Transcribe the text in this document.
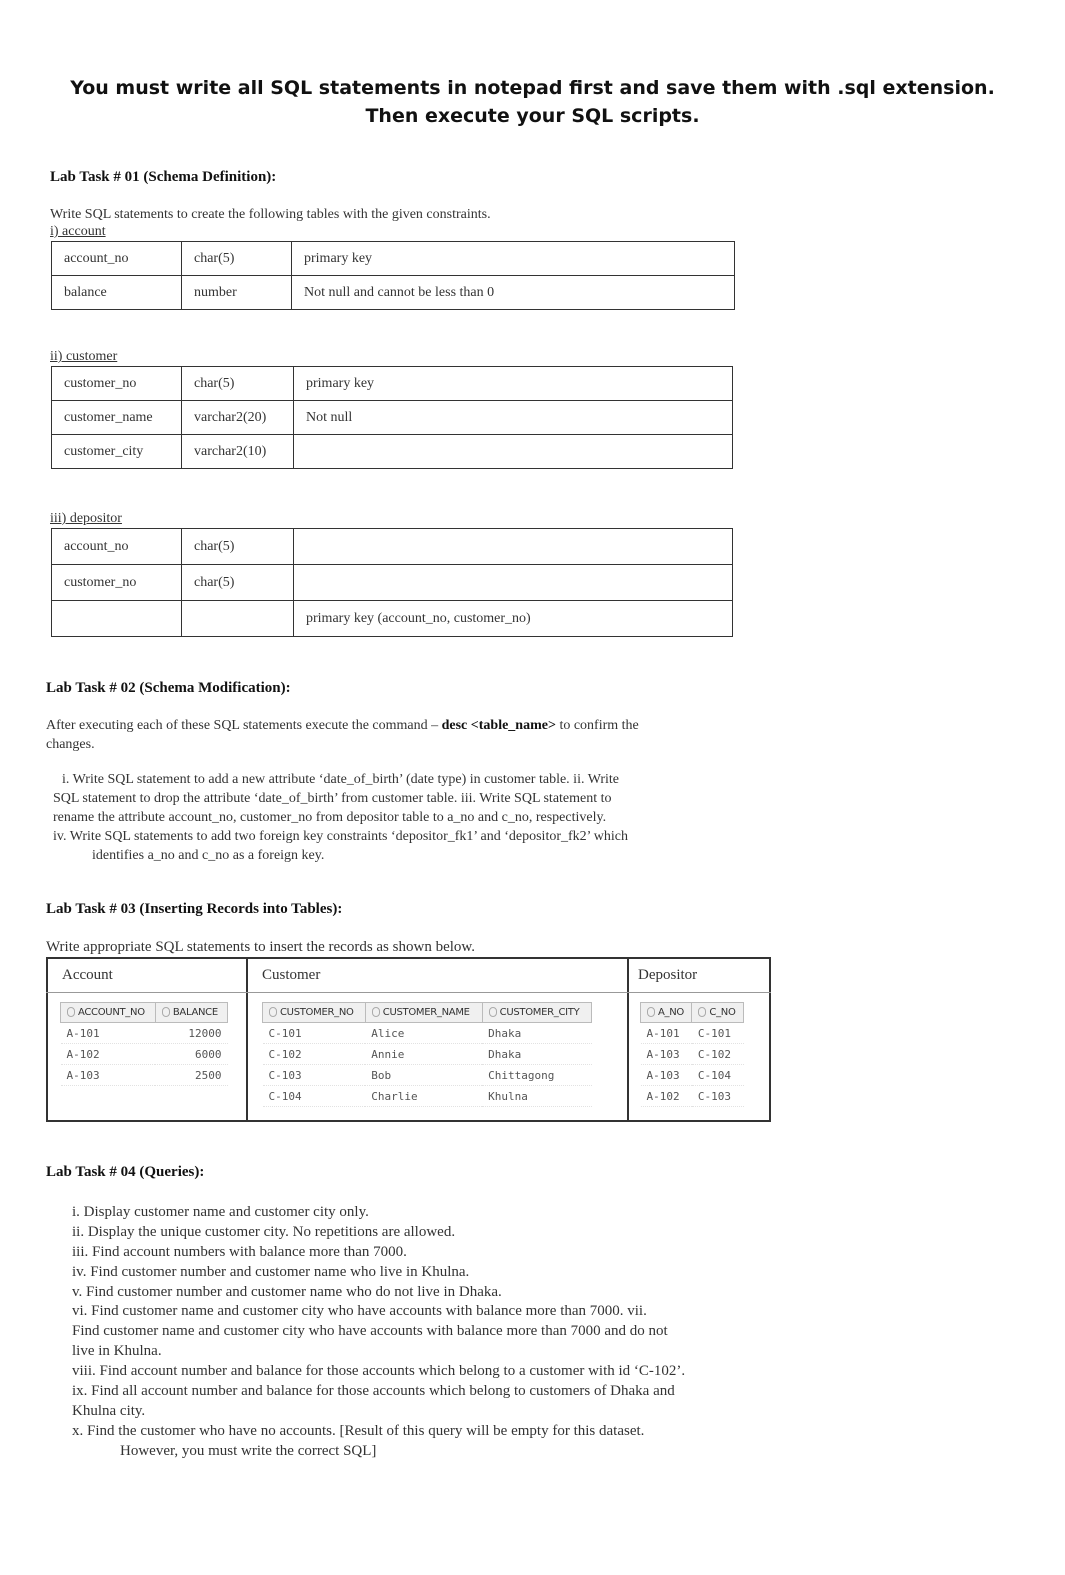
You must write all SQL statements in notepad first and save them with .sql extension.
Then execute your SQL scripts.
Lab Task # 01 (Schema Definition):
Write SQL statements to create the following tables with the given constraints.
i) account
account_no	char(5)	primary key
balance	number	Not null and cannot be less than 0
ii) customer
customer_no	char(5)	primary key
customer_name	varchar2(20)	Not null
customer_city	varchar2(10)	
iii) depositor
account_no	char(5)	
customer_no	char(5)	
		primary key (account_no, customer_no)
Lab Task # 02 (Schema Modification):
After executing each of these SQL statements execute the command – desc <table_name> to confirm the
changes.
i. Write SQL statement to add a new attribute ‘date_of_birth’ (date type) in customer table. ii. Write
SQL statement to drop the attribute ‘date_of_birth’ from customer table. iii. Write SQL statement to
rename the attribute account_no, customer_no from depositor table to a_no and c_no, respectively.
iv. Write SQL statements to add two foreign key constraints ‘depositor_fk1’ and ‘depositor_fk2’ which
identifies a_no and c_no as a foreign key.
Lab Task # 03 (Inserting Records into Tables):
Write appropriate SQL statements to insert the records as shown below.
Account	Customer	Depositor
ACCOUNT_NO	BALANCE
A-101	12000
A-102	6000
A-103	2500
CUSTOMER_NO	CUSTOMER_NAME	CUSTOMER_CITY
C-101	Alice	Dhaka
C-102	Annie	Dhaka
C-103	Bob	Chittagong
C-104	Charlie	Khulna
A_NO	C_NO
A-101	C-101
A-103	C-102
A-103	C-104
A-102	C-103
Lab Task # 04 (Queries):
i. Display customer name and customer city only.
ii. Display the unique customer city. No repetitions are allowed.
iii. Find account numbers with balance more than 7000.
iv. Find customer number and customer name who live in Khulna.
v. Find customer number and customer name who do not live in Dhaka.
vi. Find customer name and customer city who have accounts with balance more than 7000. vii.
Find customer name and customer city who have accounts with balance more than 7000 and do not
live in Khulna.
viii. Find account number and balance for those accounts which belong to a customer with id ‘C-102’.
ix. Find all account number and balance for those accounts which belong to customers of Dhaka and
Khulna city.
x. Find the customer who have no accounts. [Result of this query will be empty for this dataset.
However, you must write the correct SQL]
